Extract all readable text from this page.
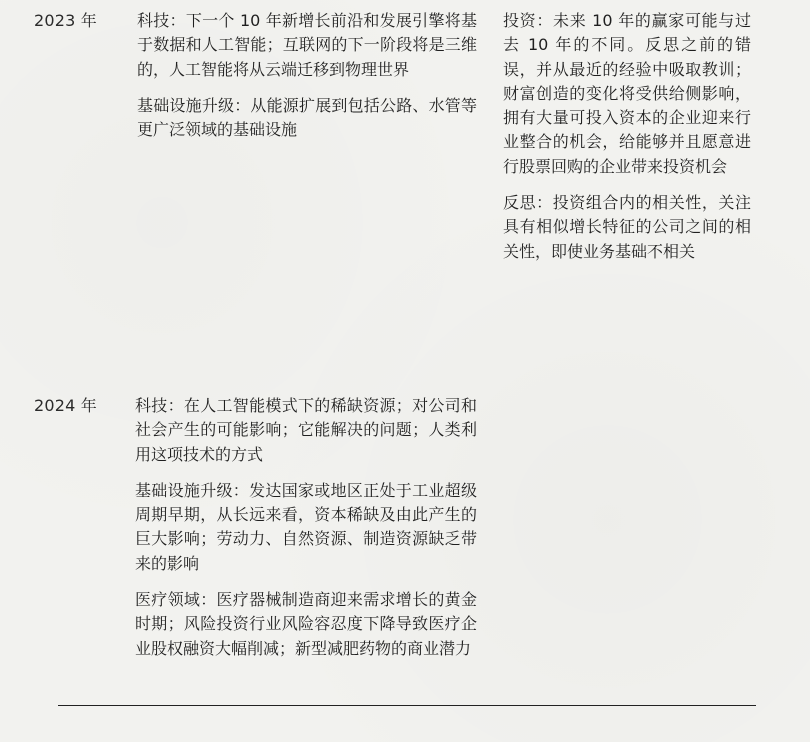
2023 年 科技：下一个 10 年新增长前沿和发展引擎将基于数据和人工智能；互联网的下一阶段将是三维的，人工智能将从云端迁移到物理世界

基础设施升级：从能源扩展到包括公路、水管等更广泛领域的基础设施

投资：未来 10 年的赢家可能与过去 10 年的不同。反思之前的错误，并从最近的经验中吸取教训；财富创造的变化将受供给侧影响，拥有大量可投入资本的企业迎来行业整合的机会，给能够并且愿意进行股票回购的企业带来投资机会

反思：投资组合内的相关性，关注具有相似增长特征的公司之间的相关性，即使业务基础不相关

2024 年 科技：在人工智能模式下的稀缺资源；对公司和社会产生的可能影响；它能解决的问题；人类利用这项技术的方式

基础设施升级：发达国家或地区正处于工业超级周期早期，从长远来看，资本稀缺及由此产生的巨大影响；劳动力、自然资源、制造资源缺乏带来的影响

医疗领域：医疗器械制造商迎来需求增长的黄金时期；风险投资行业风险容忍度下降导致医疗企业股权融资大幅削减；新型减肥药物的商业潜力
